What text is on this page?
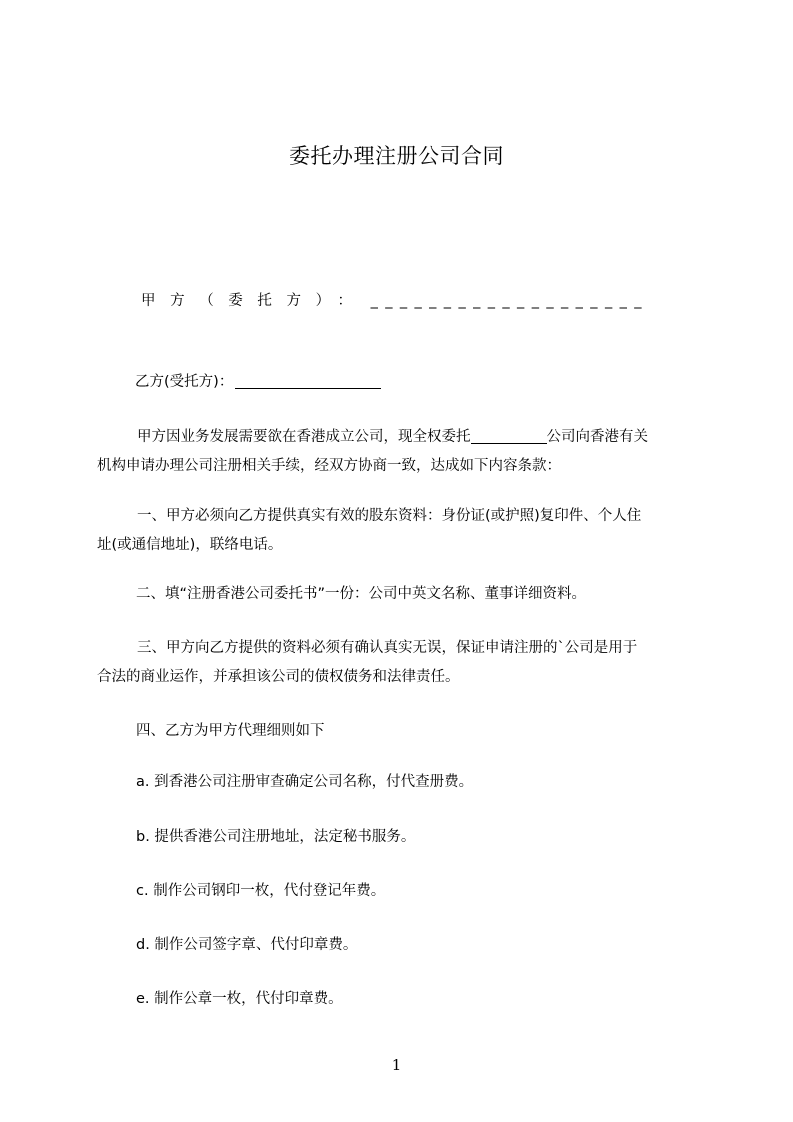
委托办理注册公司合同
甲方（委托方）： ___________________
乙方(受托方)：
甲方因业务发展需要欲在香港成立公司，现全权委托	公司向香港有关
机构申请办理公司注册相关手续，经双方协商一致，达成如下内容条款：
一、甲方必须向乙方提供真实有效的股东资料：身份证(或护照)复印件、个人住
址(或通信地址)，联络电话。
二、填“注册香港公司委托书”一份：公司中英文名称、董事详细资料。
三、甲方向乙方提供的资料必须有确认真实无误，保证申请注册的`公司是用于
合法的商业运作，并承担该公司的债权债务和法律责任。
四、乙方为甲方代理细则如下
a. 到香港公司注册审查确定公司名称，付代查册费。
b. 提供香港公司注册地址，法定秘书服务。
c. 制作公司钢印一枚，代付登记年费。
d. 制作公司签字章、代付印章费。
e. 制作公章一枚，代付印章费。
1
